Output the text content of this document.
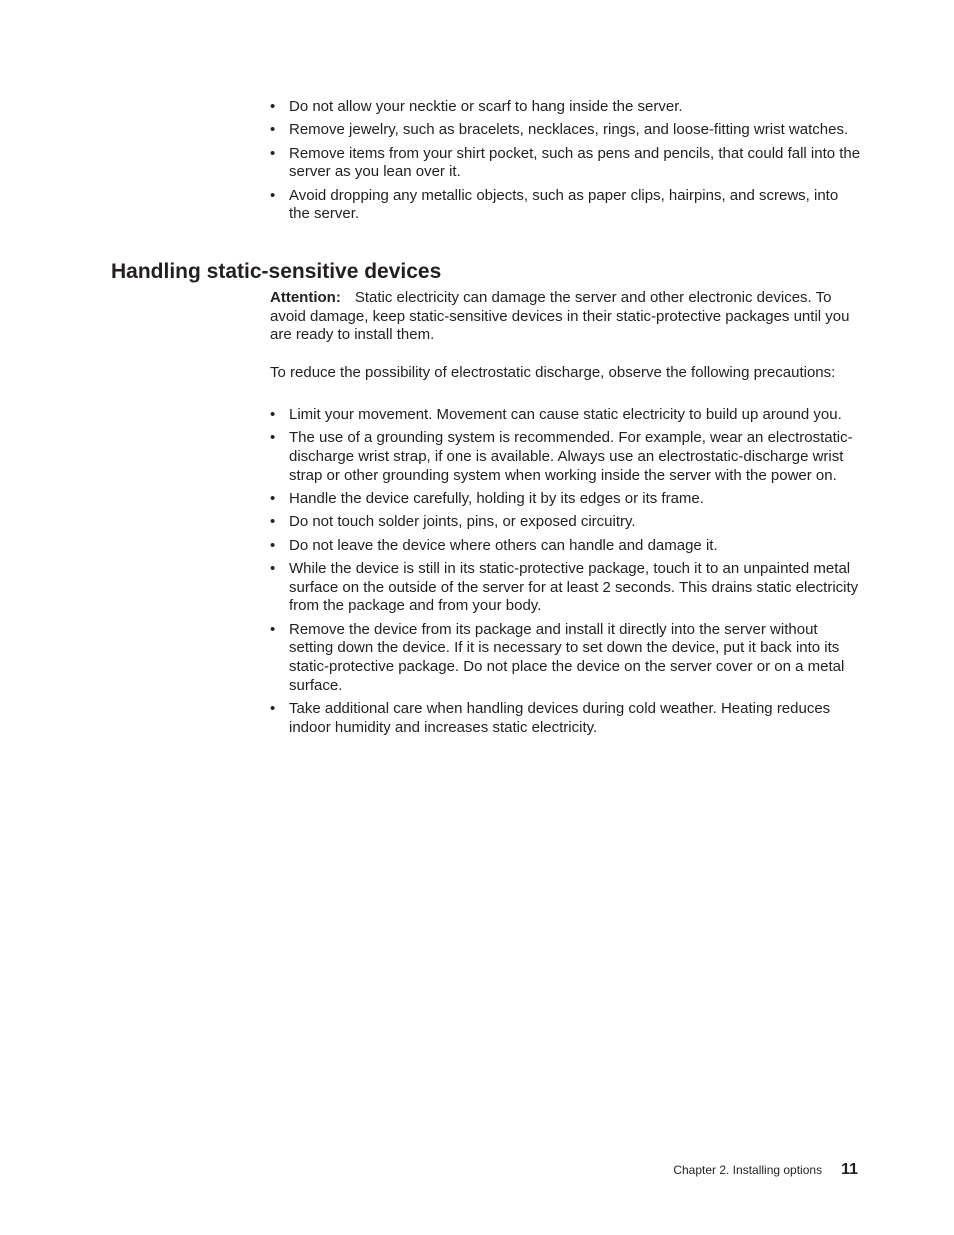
• Do not allow your necktie or scarf to hang inside the server.
• Remove jewelry, such as bracelets, necklaces, rings, and loose-fitting wrist watches.
• Remove items from your shirt pocket, such as pens and pencils, that could fall into the server as you lean over it.
• Avoid dropping any metallic objects, such as paper clips, hairpins, and screws, into the server.
Handling static-sensitive devices

Attention: Static electricity can damage the server and other electronic devices. To avoid damage, keep static-sensitive devices in their static-protective packages until you are ready to install them.

To reduce the possibility of electrostatic discharge, observe the following precautions:

• Limit your movement. Movement can cause static electricity to build up around you.
• The use of a grounding system is recommended. For example, wear an electrostatic-discharge wrist strap, if one is available. Always use an electrostatic-discharge wrist strap or other grounding system when working inside the server with the power on.
• Handle the device carefully, holding it by its edges or its frame.
• Do not touch solder joints, pins, or exposed circuitry.
• Do not leave the device where others can handle and damage it.
• While the device is still in its static-protective package, touch it to an unpainted metal surface on the outside of the server for at least 2 seconds. This drains static electricity from the package and from your body.
• Remove the device from its package and install it directly into the server without setting down the device. If it is necessary to set down the device, put it back into its static-protective package. Do not place the device on the server cover or on a metal surface.
• Take additional care when handling devices during cold weather. Heating reduces indoor humidity and increases static electricity.
Chapter 2. Installing options 11
